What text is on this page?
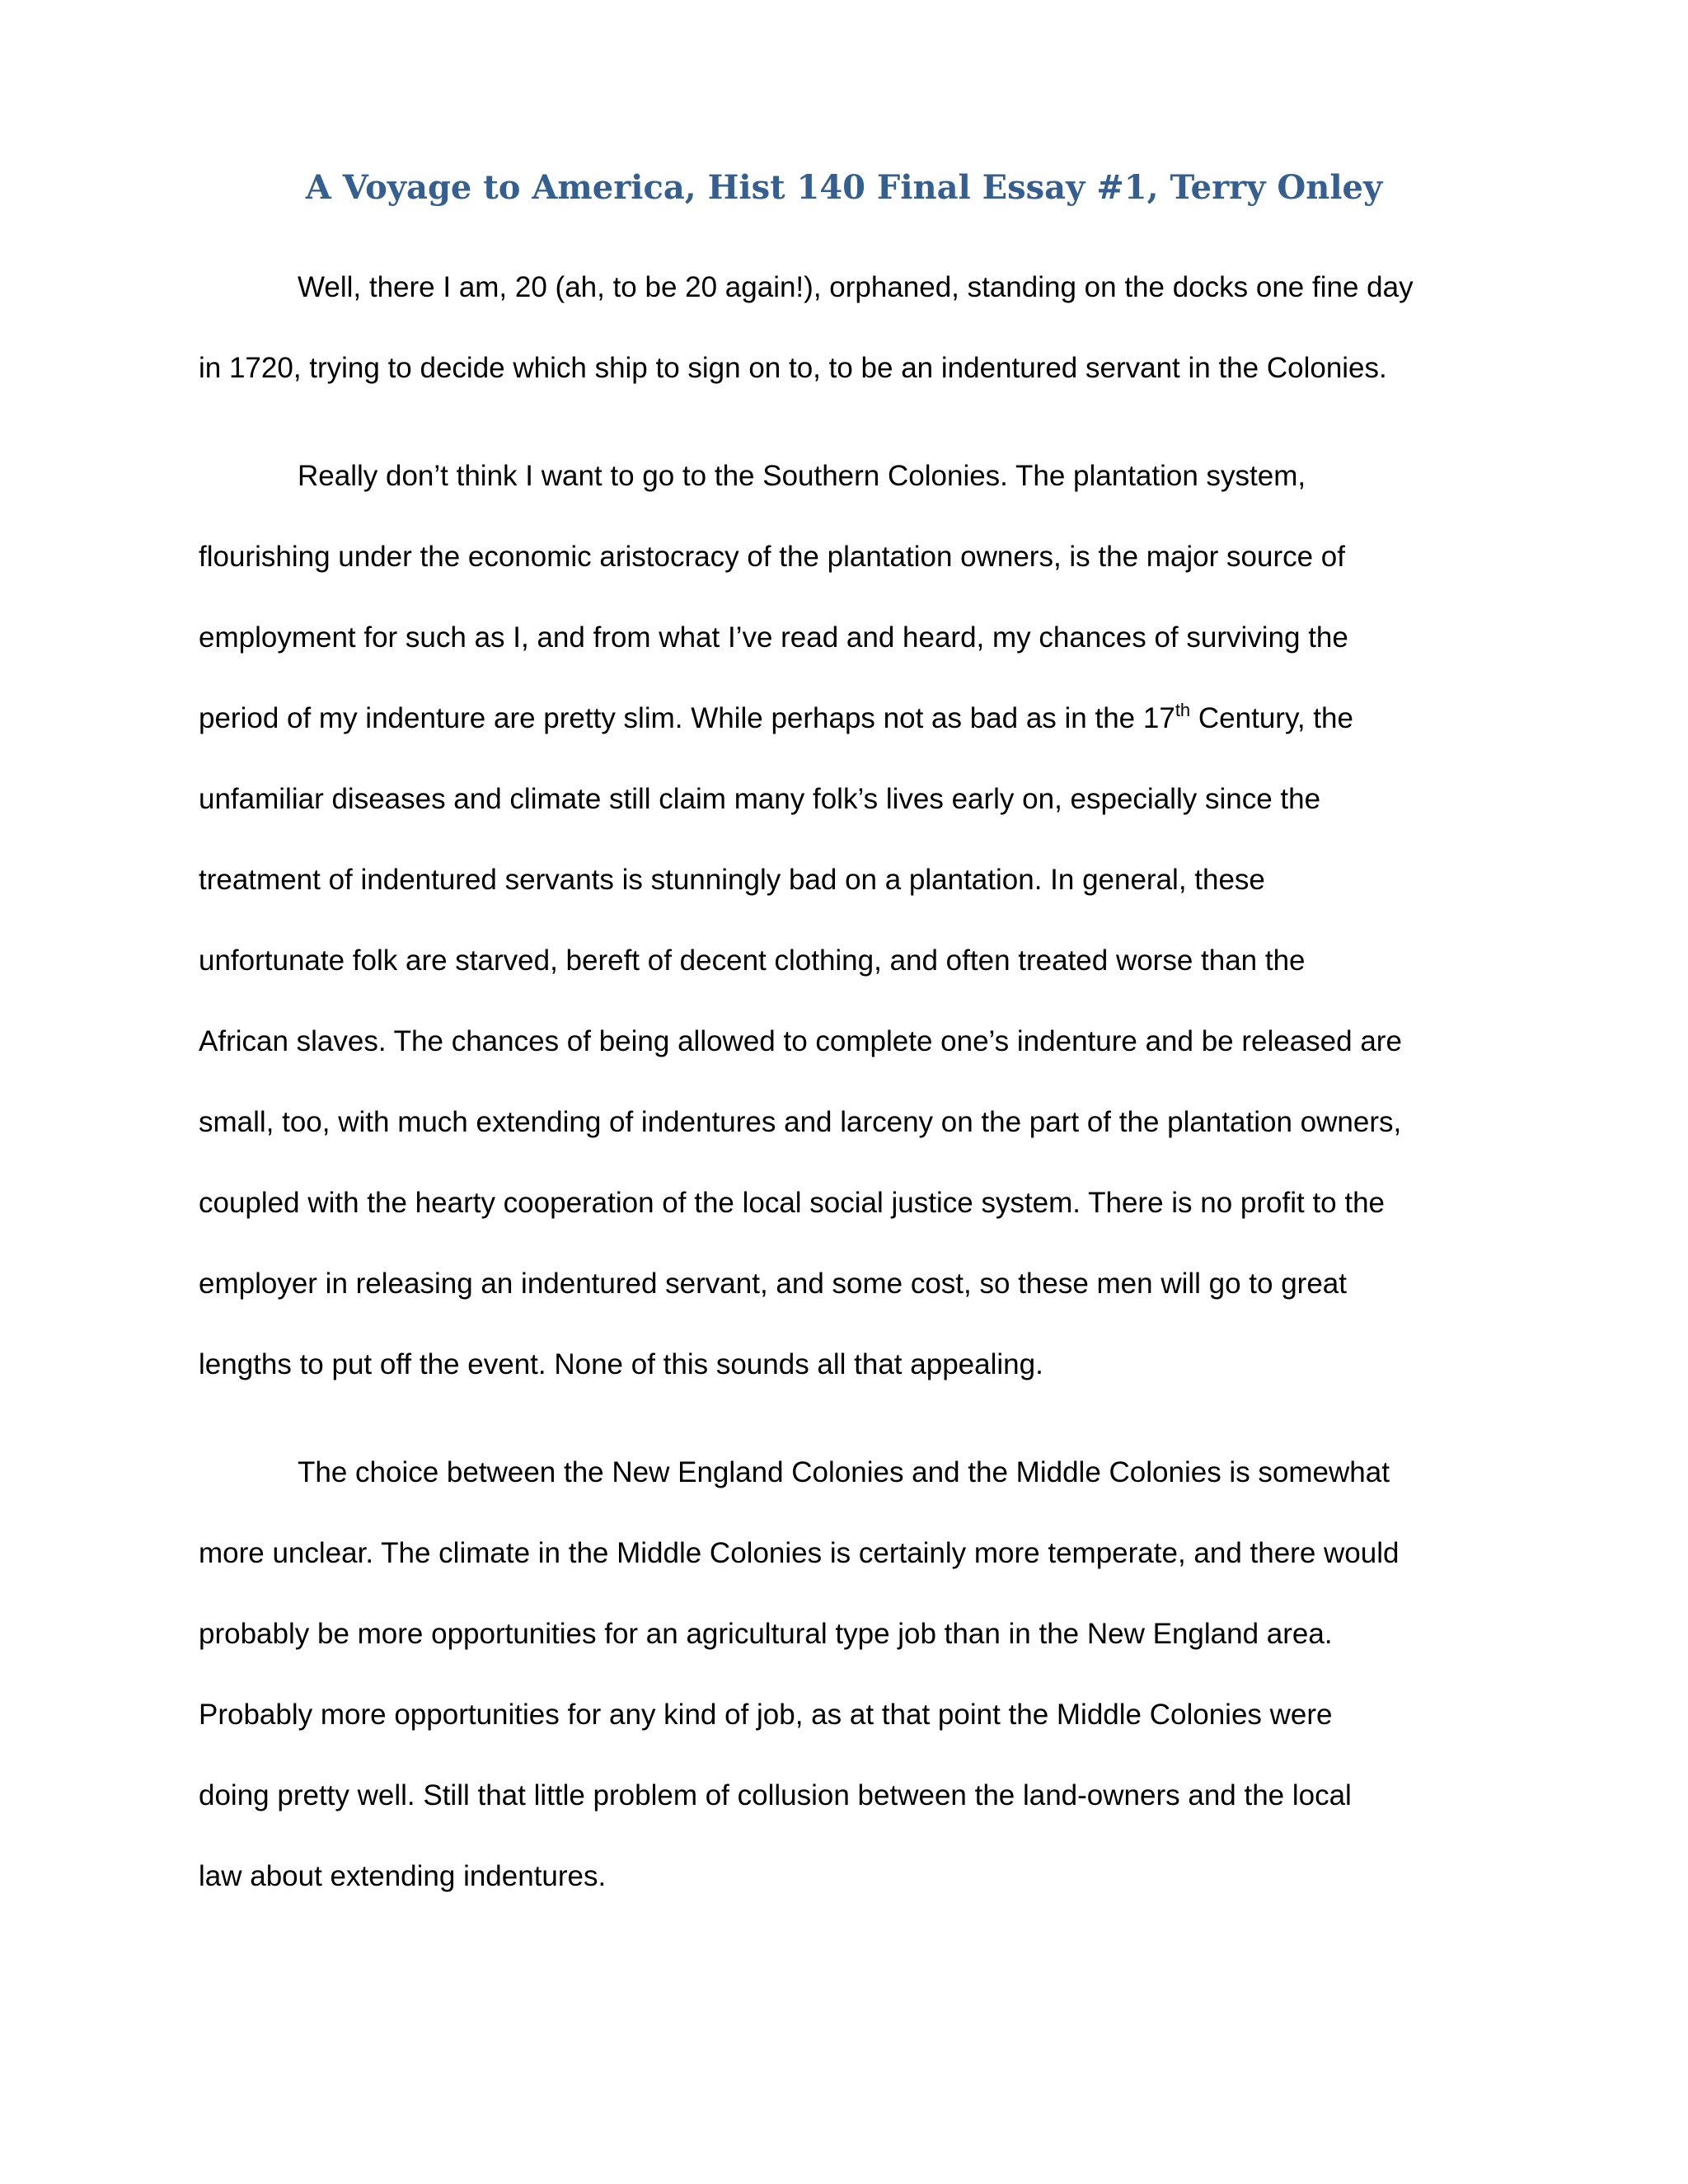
A Voyage to America, Hist 140 Final Essay #1, Terry Onley

Well, there I am, 20 (ah, to be 20 again!), orphaned, standing on the docks one fine day
in 1720, trying to decide which ship to sign on to, to be an indentured servant in the Colonies.

Really don’t think I want to go to the Southern Colonies. The plantation system,
flourishing under the economic aristocracy of the plantation owners, is the major source of
employment for such as I, and from what I’ve read and heard, my chances of surviving the
period of my indenture are pretty slim. While perhaps not as bad as in the 17th Century, the
unfamiliar diseases and climate still claim many folk’s lives early on, especially since the
treatment of indentured servants is stunningly bad on a plantation. In general, these
unfortunate folk are starved, bereft of decent clothing, and often treated worse than the
African slaves. The chances of being allowed to complete one’s indenture and be released are
small, too, with much extending of indentures and larceny on the part of the plantation owners,
coupled with the hearty cooperation of the local social justice system. There is no profit to the
employer in releasing an indentured servant, and some cost, so these men will go to great
lengths to put off the event. None of this sounds all that appealing.

The choice between the New England Colonies and the Middle Colonies is somewhat
more unclear. The climate in the Middle Colonies is certainly more temperate, and there would
probably be more opportunities for an agricultural type job than in the New England area.
Probably more opportunities for any kind of job, as at that point the Middle Colonies were
doing pretty well. Still that little problem of collusion between the land-owners and the local
law about extending indentures.
